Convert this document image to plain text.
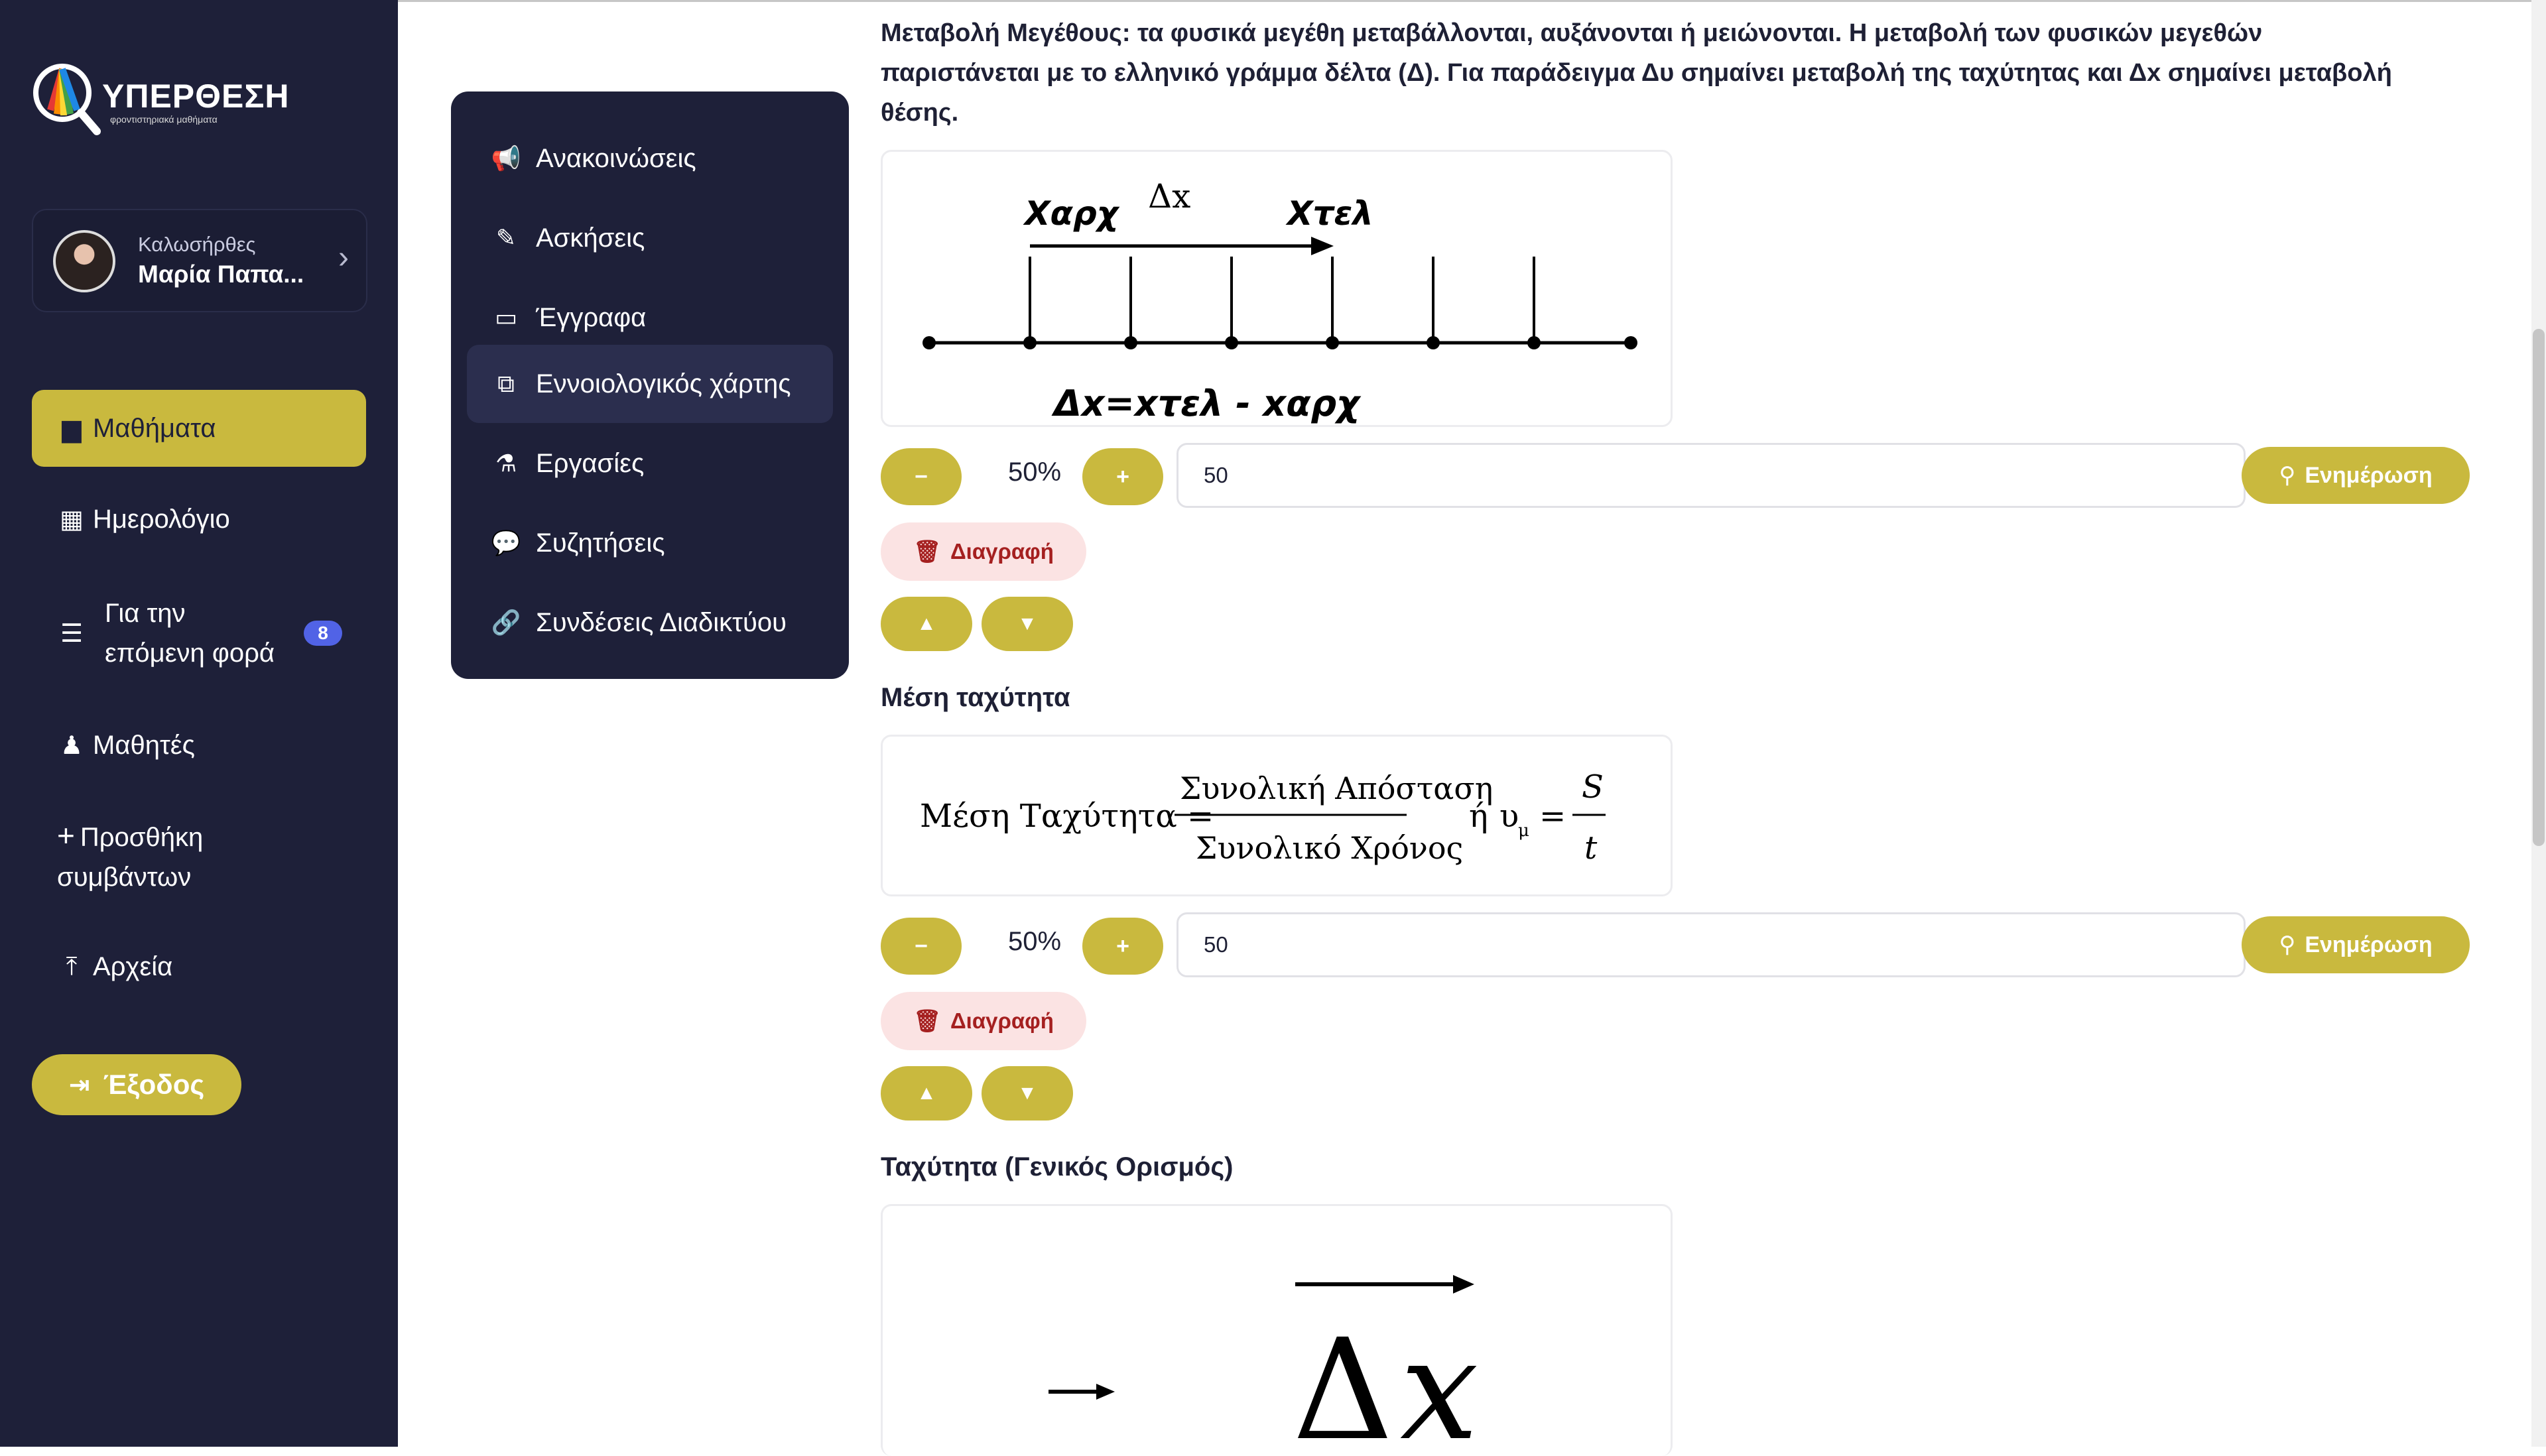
ΥΠΕΡΘΕΣΗ
φροντιστηριακά μαθήματα
Καλωσήρθες
Μαρία Παπα... ›
▆ Μαθήματα
▦ Ημερολόγιο
☰
Για την
επόμενη φορά
8
♟ Μαθητές
+ Προσθήκη
συμβάντων
⤒ Αρχεία
⇥ Έξοδος
📢 Ανακοινώσεις
✎ Ασκήσεις
▭ Έγγραφα
⧉ Εννοιολογικός χάρτης
⚗ Εργασίες
💬 Συζητήσεις
🔗 Συνδέσεις Διαδικτύου
Μεταβολή Μεγέθους: τα φυσικά μεγέθη μεταβάλλονται, αυξάνονται ή μειώνονται. Η μεταβολή των φυσικών μεγεθών
παριστάνεται με το ελληνικό γράμμα δέλτα (Δ). Για παράδειγμα Δυ σημαίνει μεταβολή της ταχύτητας και Δx σημαίνει μεταβολή
θέσης.
Xαρχ Δx	Xτελ
Δx=xτελ - xαρχ
−	50%	+	50	⚲ Ενημέρωση
🗑 Διαγραφή
▲	▼
Μέση ταχύτητα
Μέση Ταχύτητα =
Συνολική Απόσταση
Συνολικό Χρόνος
ή υ
μ =
S
t
−	50%	+	50	⚲ Ενημέρωση
🗑 Διαγραφή
▲	▼
Ταχύτητα (Γενικός Ορισμός)
Δ x
